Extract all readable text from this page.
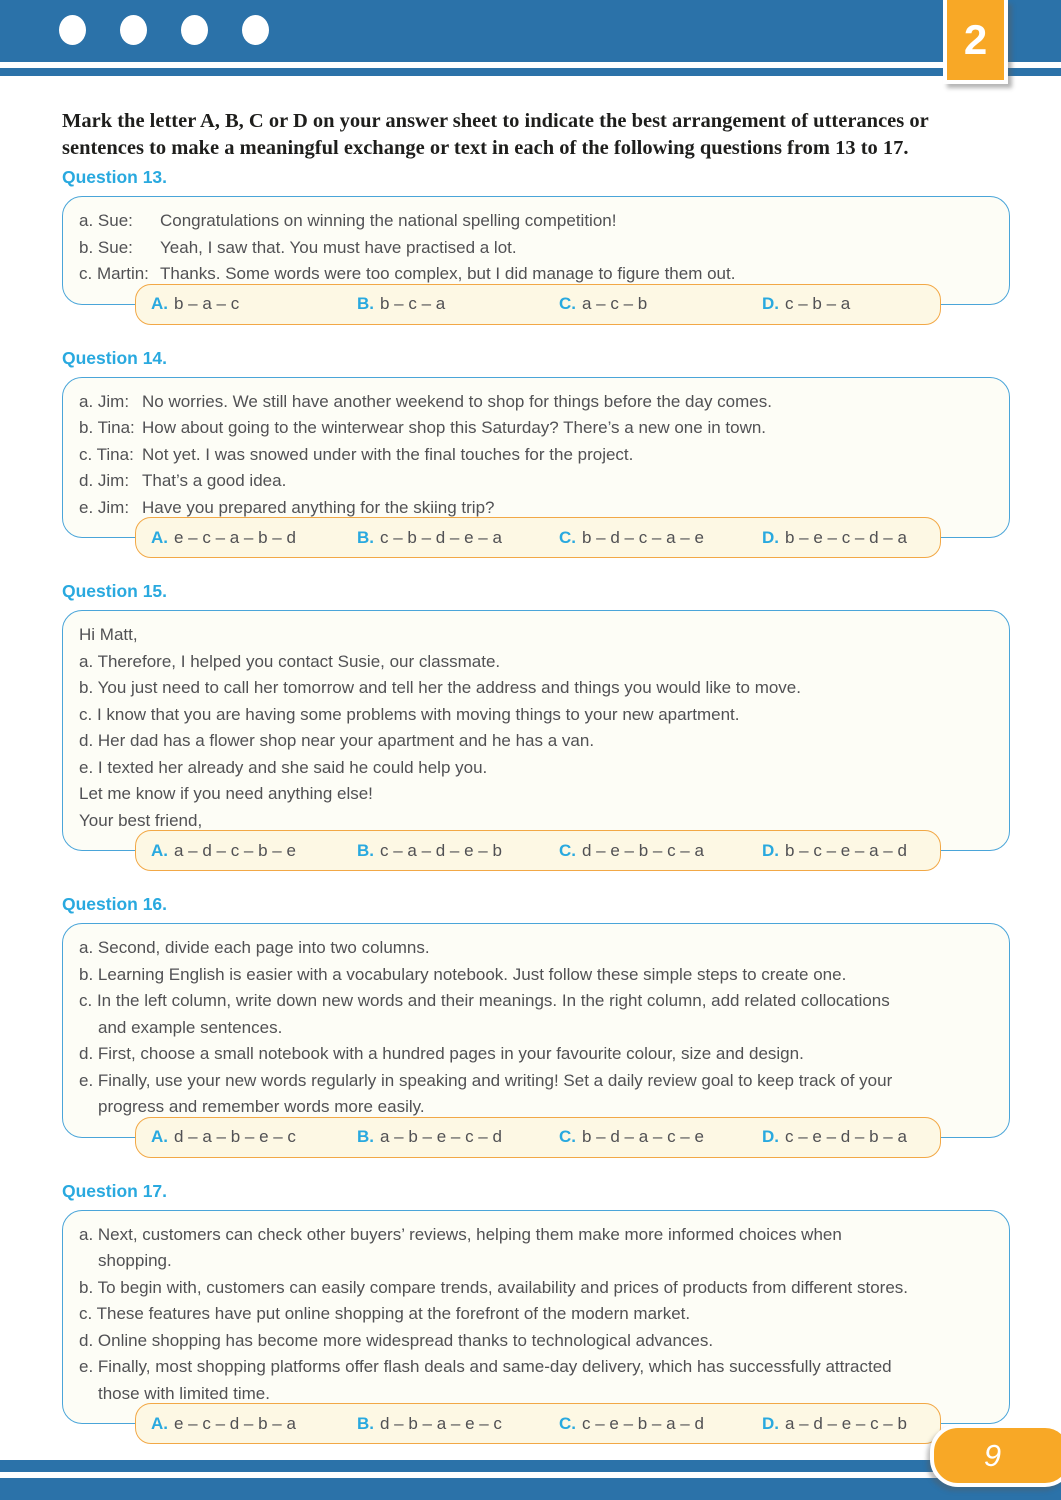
2

Mark the letter A, B, C or D on your answer sheet to indicate the best arrangement of utterances or sentences to make a meaningful exchange or text in each of the following questions from 13 to 17.

Question 13.
a. Sue:	Congratulations on winning the national spelling competition!
b. Sue:	Yeah, I saw that. You must have practised a lot.
c. Martin: Thanks. Some words were too complex, but I did manage to figure them out.
A. b – a – c	B. b – c – a	C. a – c – b	D. c – b – a
Question 14.
a. Jim: No worries. We still have another weekend to shop for things before the day comes.
b. Tina: How about going to the winterwear shop this Saturday? There’s a new one in town.
c. Tina: Not yet. I was snowed under with the final touches for the project.
d. Jim: That’s a good idea.
e. Jim: Have you prepared anything for the skiing trip?
A. e – c – a – b – d	B. c – b – d – e – a	C. b – d – c – a – e	D. b – e – c – d – a
Question 15.
Hi Matt,
a. Therefore, I helped you contact Susie, our classmate.
b. You just need to call her tomorrow and tell her the address and things you would like to move.
c. I know that you are having some problems with moving things to your new apartment.
d. Her dad has a flower shop near your apartment and he has a van.
e. I texted her already and she said he could help you.
Let me know if you need anything else!
Your best friend,
A. a – d – c – b – e	B. c – a – d – e – b	C. d – e – b – c – a	D. b – c – e – a – d
Question 16.
a. Second, divide each page into two columns.
b. Learning English is easier with a vocabulary notebook. Just follow these simple steps to create one.
c. In the left column, write down new words and their meanings. In the right column, add related collocations
and example sentences.
d. First, choose a small notebook with a hundred pages in your favourite colour, size and design.
e. Finally, use your new words regularly in speaking and writing! Set a daily review goal to keep track of your
progress and remember words more easily.
A. d – a – b – e – c	B. a – b – e – c – d	C. b – d – a – c – e	D. c – e – d – b – a
Question 17.
a. Next, customers can check other buyers’ reviews, helping them make more informed choices when
shopping.
b. To begin with, customers can easily compare trends, availability and prices of products from different stores.
c. These features have put online shopping at the forefront of the modern market.
d. Online shopping has become more widespread thanks to technological advances.
e. Finally, most shopping platforms offer flash deals and same-day delivery, which has successfully attracted
those with limited time.
A. e – c – d – b – a	B. d – b – a – e – c	C. c – e – b – a – d	D. a – d – e – c – b
9
